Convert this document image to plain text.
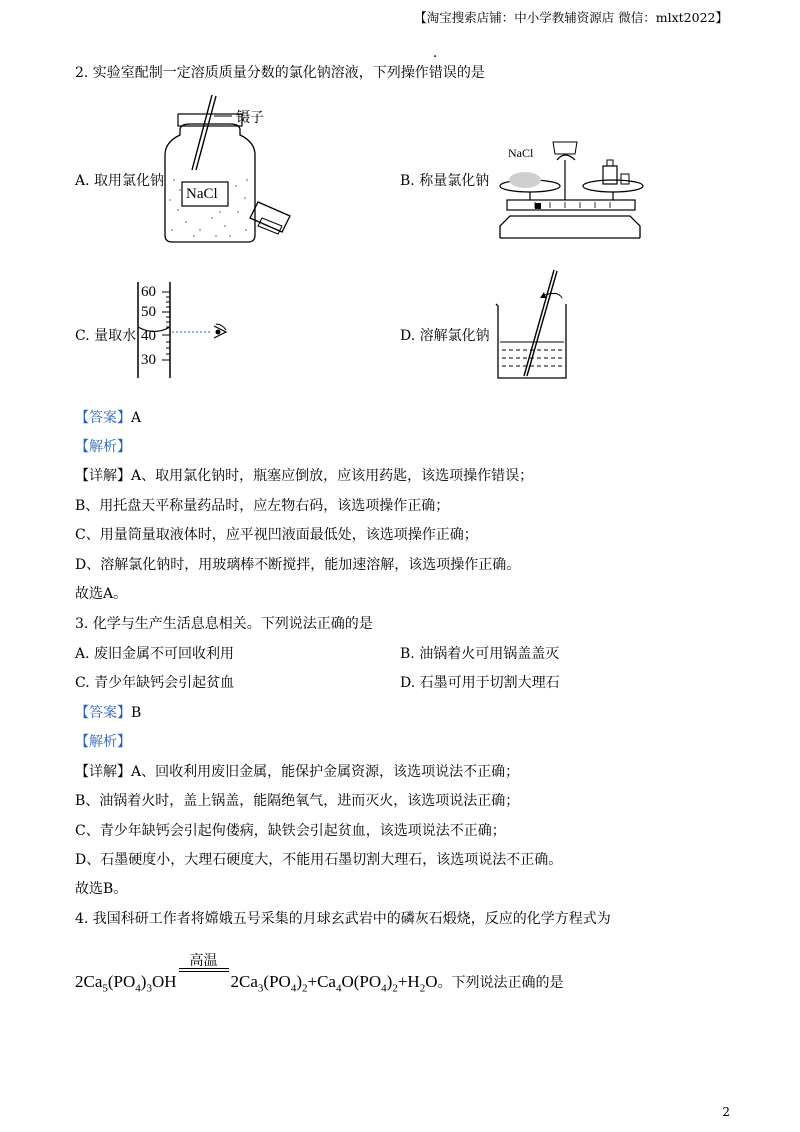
【淘宝搜索店铺：中小学教辅资源店 微信：mlxt2022】
2. 实验室配制一定溶质质量分数的氯化钠溶液，下列操作错误的是
A. 取用氯化钠
镊子
NaCl
B. 称量氯化钠
NaCl
C. 量取水
60
50
40
30
D. 溶解氯化钠
【答案】A
【解析】
【详解】A、取用氯化钠时，瓶塞应倒放，应该用药匙，该选项操作错误；
B、用托盘天平称量药品时，应左物右码，该选项操作正确；
C、用量筒量取液体时，应平视凹液面最低处，该选项操作正确；
D、溶解氯化钠时，用玻璃棒不断搅拌，能加速溶解，该选项操作正确。
故选A。
3. 化学与生产生活息息相关。下列说法正确的是
A. 废旧金属不可回收利用	B. 油锅着火可用锅盖盖灭
C. 青少年缺钙会引起贫血	D. 石墨可用于切割大理石
【答案】B
【解析】
【详解】A、回收利用废旧金属，能保护金属资源，该选项说法不正确；
B、油锅着火时，盖上锅盖，能隔绝氧气，进而灭火，该选项说法正确；
C、青少年缺钙会引起佝偻病，缺铁会引起贫血，该选项说法不正确；
D、石墨硬度小，大理石硬度大，不能用石墨切割大理石，该选项说法不正确。
故选B。
4. 我国科研工作者将嫦娥五号采集的月球玄武岩中的磷灰石煅烧，反应的化学方程式为
$2Ca_5(PO_4)_3OH$
高温
$2Ca_3(PO_4)_2+Ca_4O(PO_4)_2+H_2O$。下列说法正确的是
2
